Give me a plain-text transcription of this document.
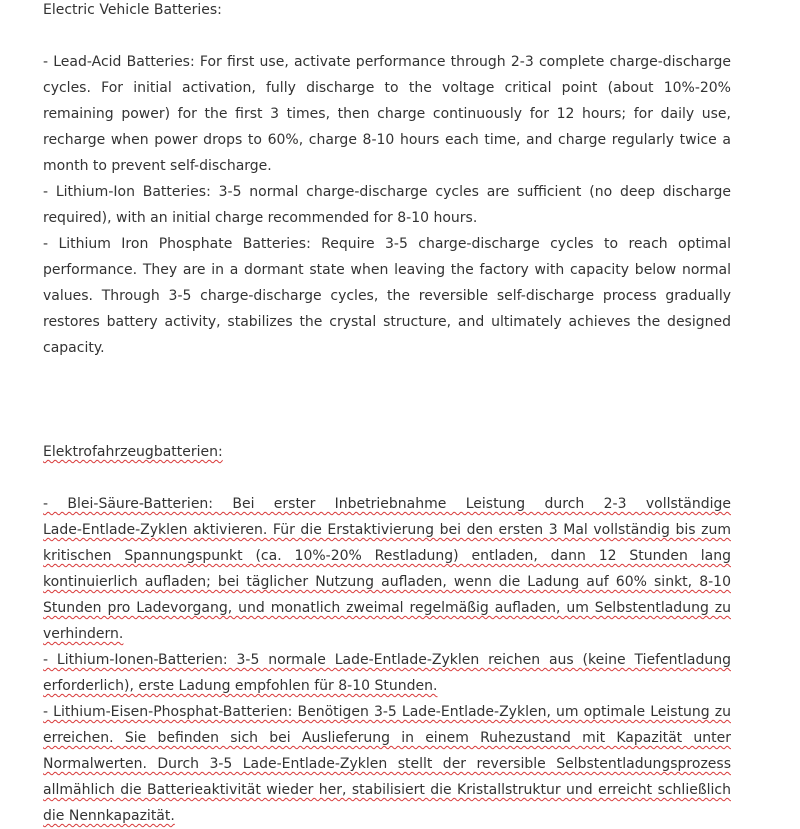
Electric Vehicle Batteries:
- Lead-Acid Batteries: For first use, activate performance through 2-3 complete charge-discharge
cycles. For initial activation, fully discharge to the voltage critical point (about 10%-20%
remaining power) for the first 3 times, then charge continuously for 12 hours; for daily use,
recharge when power drops to 60%, charge 8-10 hours each time, and charge regularly twice a
month to prevent self-discharge.
- Lithium-Ion Batteries: 3-5 normal charge-discharge cycles are sufficient (no deep discharge
required), with an initial charge recommended for 8-10 hours.
- Lithium Iron Phosphate Batteries: Require 3-5 charge-discharge cycles to reach optimal
performance. They are in a dormant state when leaving the factory with capacity below normal
values. Through 3-5 charge-discharge cycles, the reversible self-discharge process gradually
restores battery activity, stabilizes the crystal structure, and ultimately achieves the designed
capacity.
Elektrofahrzeugbatterien:
- Blei-Säure-Batterien: Bei erster Inbetriebnahme Leistung durch 2-3 vollständige
Lade-Entlade-Zyklen aktivieren. Für die Erstaktivierung bei den ersten 3 Mal vollständig bis zum
kritischen Spannungspunkt (ca. 10%-20% Restladung) entladen, dann 12 Stunden lang
kontinuierlich aufladen; bei täglicher Nutzung aufladen, wenn die Ladung auf 60% sinkt, 8-10
Stunden pro Ladevorgang, und monatlich zweimal regelmäßig aufladen, um Selbstentladung zu
verhindern.
- Lithium-Ionen-Batterien: 3-5 normale Lade-Entlade-Zyklen reichen aus (keine Tiefentladung
erforderlich), erste Ladung empfohlen für 8-10 Stunden.
- Lithium-Eisen-Phosphat-Batterien: Benötigen 3-5 Lade-Entlade-Zyklen, um optimale Leistung zu
erreichen. Sie befinden sich bei Auslieferung in einem Ruhezustand mit Kapazität unter
Normalwerten. Durch 3-5 Lade-Entlade-Zyklen stellt der reversible Selbstentladungsprozess
allmählich die Batterieaktivität wieder her, stabilisiert die Kristallstruktur und erreicht schließlich
die Nennkapazität.
